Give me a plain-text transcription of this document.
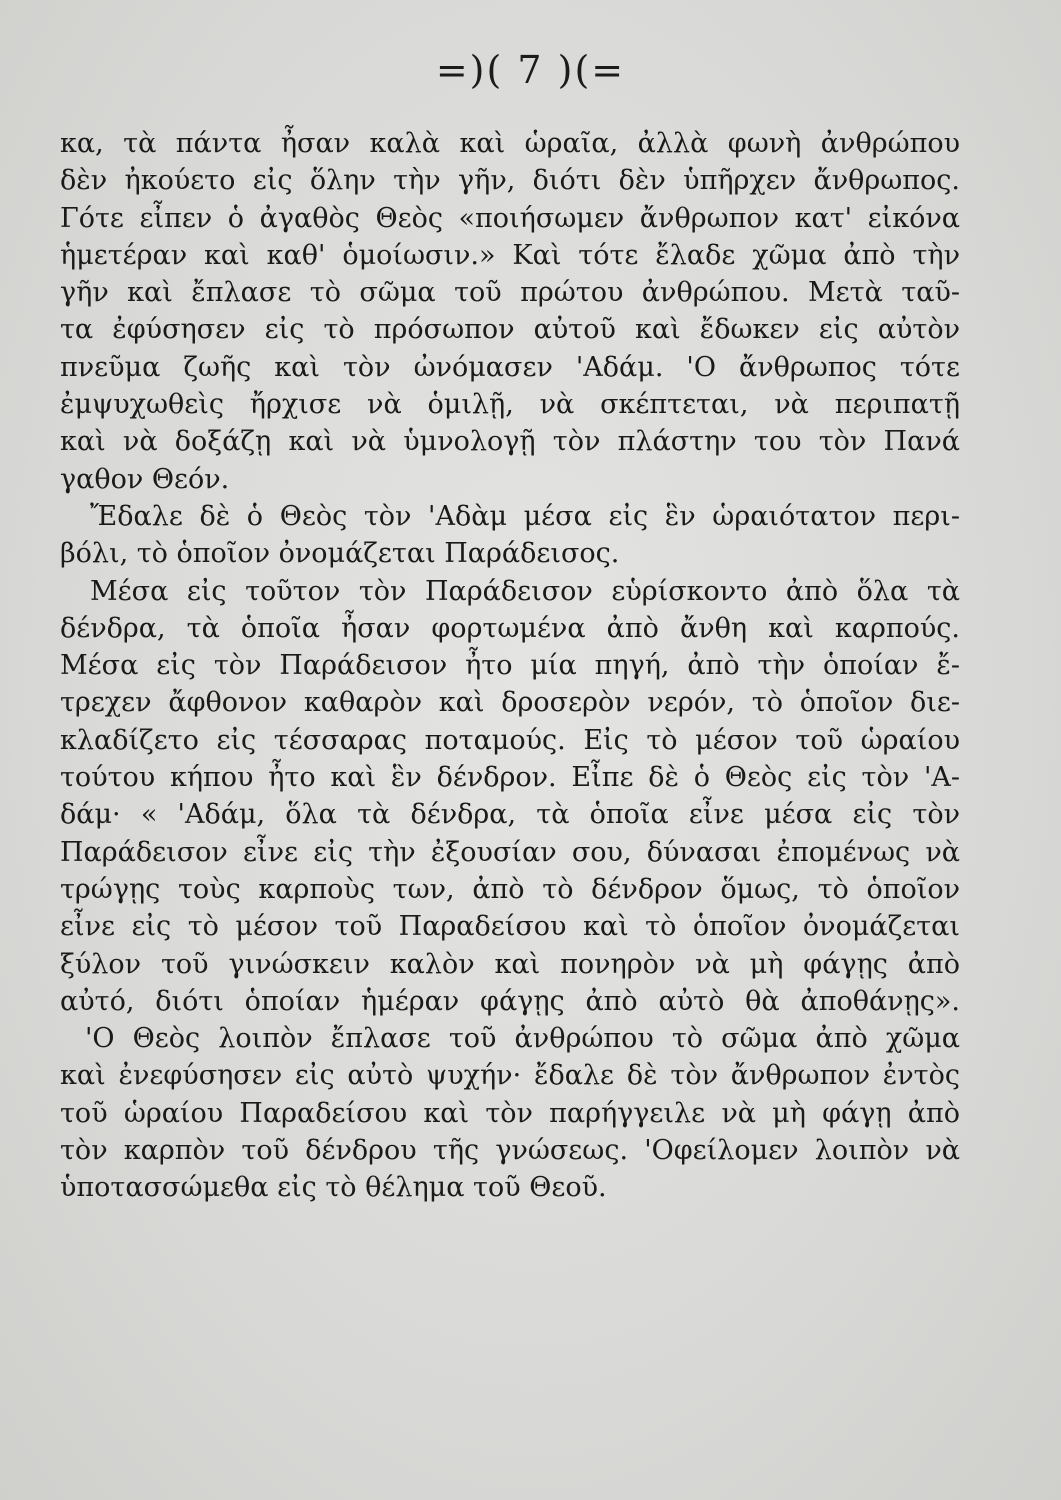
=)( 7 )(=
κα, τὰ πάντα ἦσαν καλὰ καὶ ὡραῖα, ἀλλὰ φωνὴ ἀνθρώπου
δὲν ἠκούετο εἰς ὅλην τὴν γῆν, διότι δὲν ὑπῆρχεν ἄνθρωπος.
Γότε εἶπεν ὁ ἀγαθὸς Θεὸς «ποιήσωμεν ἄνθρωπον κατ' εἰκόνα
ἡμετέραν καὶ καθ' ὁμοίωσιν.» Καὶ τότε ἔλαδε χῶμα ἀπὸ τὴν
γῆν καὶ ἔπλασε τὸ σῶμα τοῦ πρώτου ἀνθρώπου. Μετὰ ταῦ-
τα ἐφύσησεν εἰς τὸ πρόσωπον αὐτοῦ καὶ ἔδωκεν εἰς αὐτὸν
πνεῦμα ζωῆς καὶ τὸν ὠνόμασεν 'Αδάμ. 'Ο ἄνθρωπος τότε
ἐμψυχωθεὶς ἤρχισε νὰ ὁμιλῇ, νὰ σκέπτεται, νὰ περιπατῇ
καὶ νὰ δοξάζῃ καὶ νὰ ὑμνολογῇ τὸν πλάστην του τὸν Πανά
γαθον Θεόν.
Ἔδαλε δὲ ὁ Θεὸς τὸν 'Αδὰμ μέσα εἰς ἓν ὡραιότατον περι-
βόλι, τὸ ὁποῖον ὀνομάζεται Παράδεισος.
Μέσα εἰς τοῦτον τὸν Παράδεισον εὑρίσκοντο ἀπὸ ὅλα τὰ
δένδρα, τὰ ὁποῖα ἦσαν φορτωμένα ἀπὸ ἄνθη καὶ καρπούς.
Μέσα εἰς τὸν Παράδεισον ἦτο μία πηγή, ἀπὸ τὴν ὁποίαν ἔ-
τρεχεν ἄφθονον καθαρὸν καὶ δροσερὸν νερόν, τὸ ὁποῖον διε-
κλαδίζετο εἰς τέσσαρας ποταμούς. Εἰς τὸ μέσον τοῦ ὡραίου
τούτου κήπου ἦτο καὶ ἓν δένδρον. Εἶπε δὲ ὁ Θεὸς εἰς τὸν 'Α-
δάμ· « 'Αδάμ, ὅλα τὰ δένδρα, τὰ ὁποῖα εἶνε μέσα εἰς τὸν
Παράδεισον εἶνε εἰς τὴν ἐξουσίαν σου, δύνασαι ἐπομένως νὰ
τρώγῃς τοὺς καρποὺς των, ἀπὸ τὸ δένδρον ὅμως, τὸ ὁποῖον
εἶνε εἰς τὸ μέσον τοῦ Παραδείσου καὶ τὸ ὁποῖον ὀνομάζεται
ξύλον τοῦ γινώσκειν καλὸν καὶ πονηρὸν νὰ μὴ φάγῃς ἀπὸ
αὐτό, διότι ὁποίαν ἡμέραν φάγῃς ἀπὸ αὐτὸ θὰ ἀποθάνῃς».
'Ο Θεὸς λοιπὸν ἔπλασε τοῦ ἀνθρώπου τὸ σῶμα ἀπὸ χῶμα
καὶ ἐνεφύσησεν εἰς αὐτὸ ψυχήν· ἔδαλε δὲ τὸν ἄνθρωπον ἐντὸς
τοῦ ὡραίου Παραδείσου καὶ τὸν παρήγγειλε νὰ μὴ φάγῃ ἀπὸ
τὸν καρπὸν τοῦ δένδρου τῆς γνώσεως. 'Οφείλομεν λοιπὸν νὰ
ὑποτασσώμεθα εἰς τὸ θέλημα τοῦ Θεοῦ.
